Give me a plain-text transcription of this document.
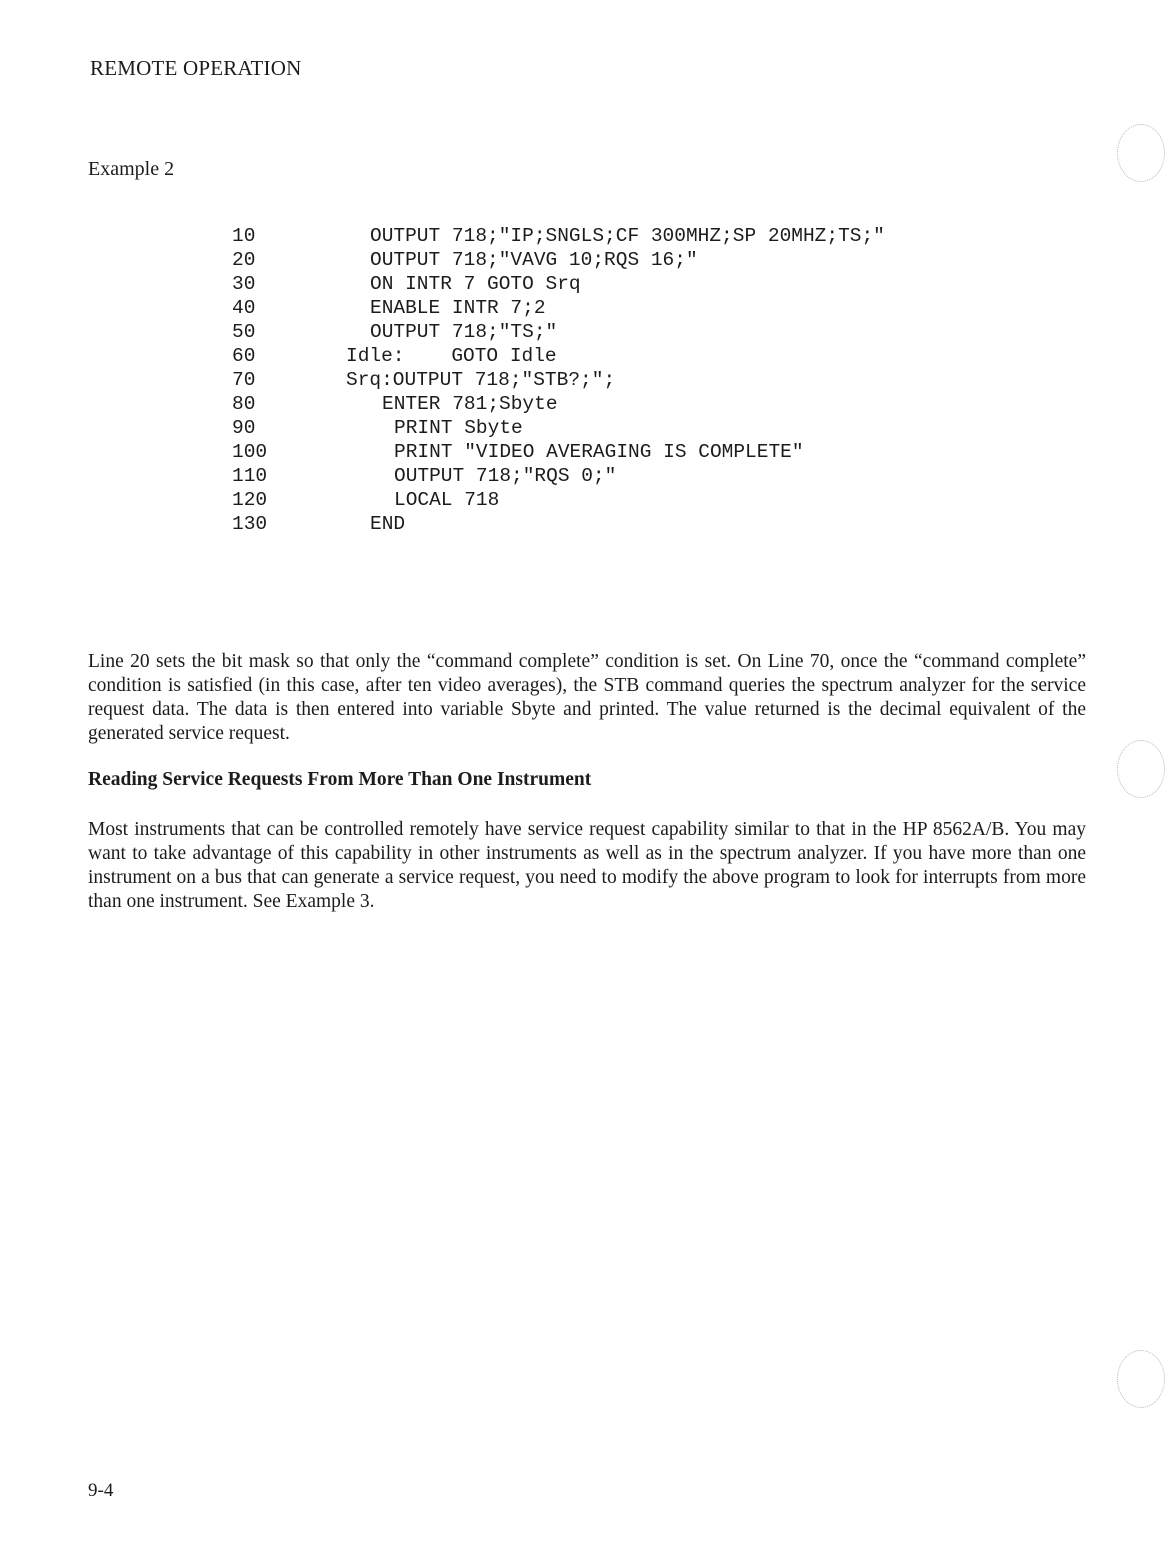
REMOTE OPERATION
Example 2
10	OUTPUT 718;"IP;SNGLS;CF 300MHZ;SP 20MHZ;TS;"
20	OUTPUT 718;"VAVG 10;RQS 16;"
30	ON INTR 7 GOTO Srq
40	ENABLE INTR 7;2
50	OUTPUT 718;"TS;"
60	Idle:    GOTO Idle
70	Srq:OUTPUT 718;"STB?;";
80	ENTER 781;Sbyte
90	PRINT Sbyte
100	PRINT "VIDEO AVERAGING IS COMPLETE"
110	OUTPUT 718;"RQS 0;"
120	LOCAL 718
130	END
Line 20 sets the bit mask so that only the “command complete” condition is set. On Line 70, once the “command complete” condition is satisfied (in this case, after ten video averages), the STB command queries the spectrum analyzer for the service request data. The data is then entered into variable Sbyte and printed. The value returned is the decimal equivalent of the generated service request.
Reading Service Requests From More Than One Instrument
Most instruments that can be controlled remotely have service request capability similar to that in the HP 8562A/B. You may want to take advantage of this capability in other instruments as well as in the spectrum analyzer. If you have more than one instrument on a bus that can generate a service request, you need to modify the above program to look for interrupts from more than one instrument. See Example 3.
9-4
